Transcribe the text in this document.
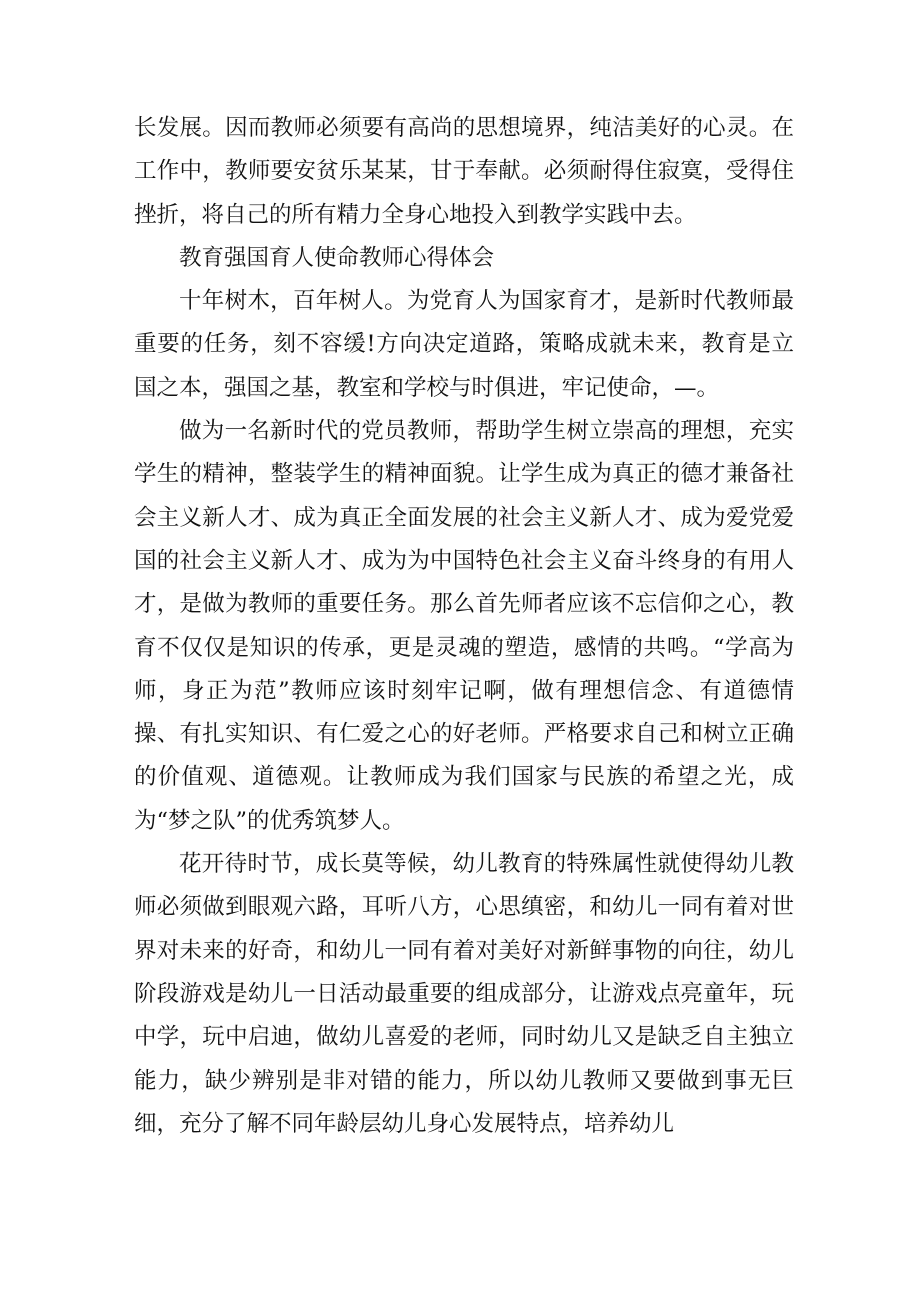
长发展。因而教师必须要有高尚的思想境界，纯洁美好的心灵。在工作中，教师要安贫乐某某，甘于奉献。必须耐得住寂寞，受得住挫折，将自己的所有精力全身心地投入到教学实践中去。

教育强国育人使命教师心得体会

十年树木，百年树人。为党育人为国家育才，是新时代教师最重要的任务，刻不容缓!方向决定道路，策略成就未来，教育是立国之本，强国之基，教室和学校与时俱进，牢记使命，—。

做为一名新时代的党员教师，帮助学生树立崇高的理想，充实学生的精神，整装学生的精神面貌。让学生成为真正的德才兼备社会主义新人才、成为真正全面发展的社会主义新人才、成为爱党爱国的社会主义新人才、成为为中国特色社会主义奋斗终身的有用人才，是做为教师的重要任务。那么首先师者应该不忘信仰之心，教育不仅仅是知识的传承，更是灵魂的塑造，感情的共鸣。“学高为师，身正为范”教师应该时刻牢记啊，做有理想信念、有道德情操、有扎实知识、有仁爱之心的好老师。严格要求自己和树立正确的价值观、道德观。让教师成为我们国家与民族的希望之光，成为“梦之队”的优秀筑梦人。

花开待时节，成长莫等候，幼儿教育的特殊属性就使得幼儿教师必须做到眼观六路，耳听八方，心思缜密，和幼儿一同有着对世界对未来的好奇，和幼儿一同有着对美好对新鲜事物的向往，幼儿阶段游戏是幼儿一日活动最重要的组成部分，让游戏点亮童年，玩中学，玩中启迪，做幼儿喜爱的老师，同时幼儿又是缺乏自主独立能力，缺少辨别是非对错的能力，所以幼儿教师又要做到事无巨细，充分了解不同年龄层幼儿身心发展特点，培养幼儿
